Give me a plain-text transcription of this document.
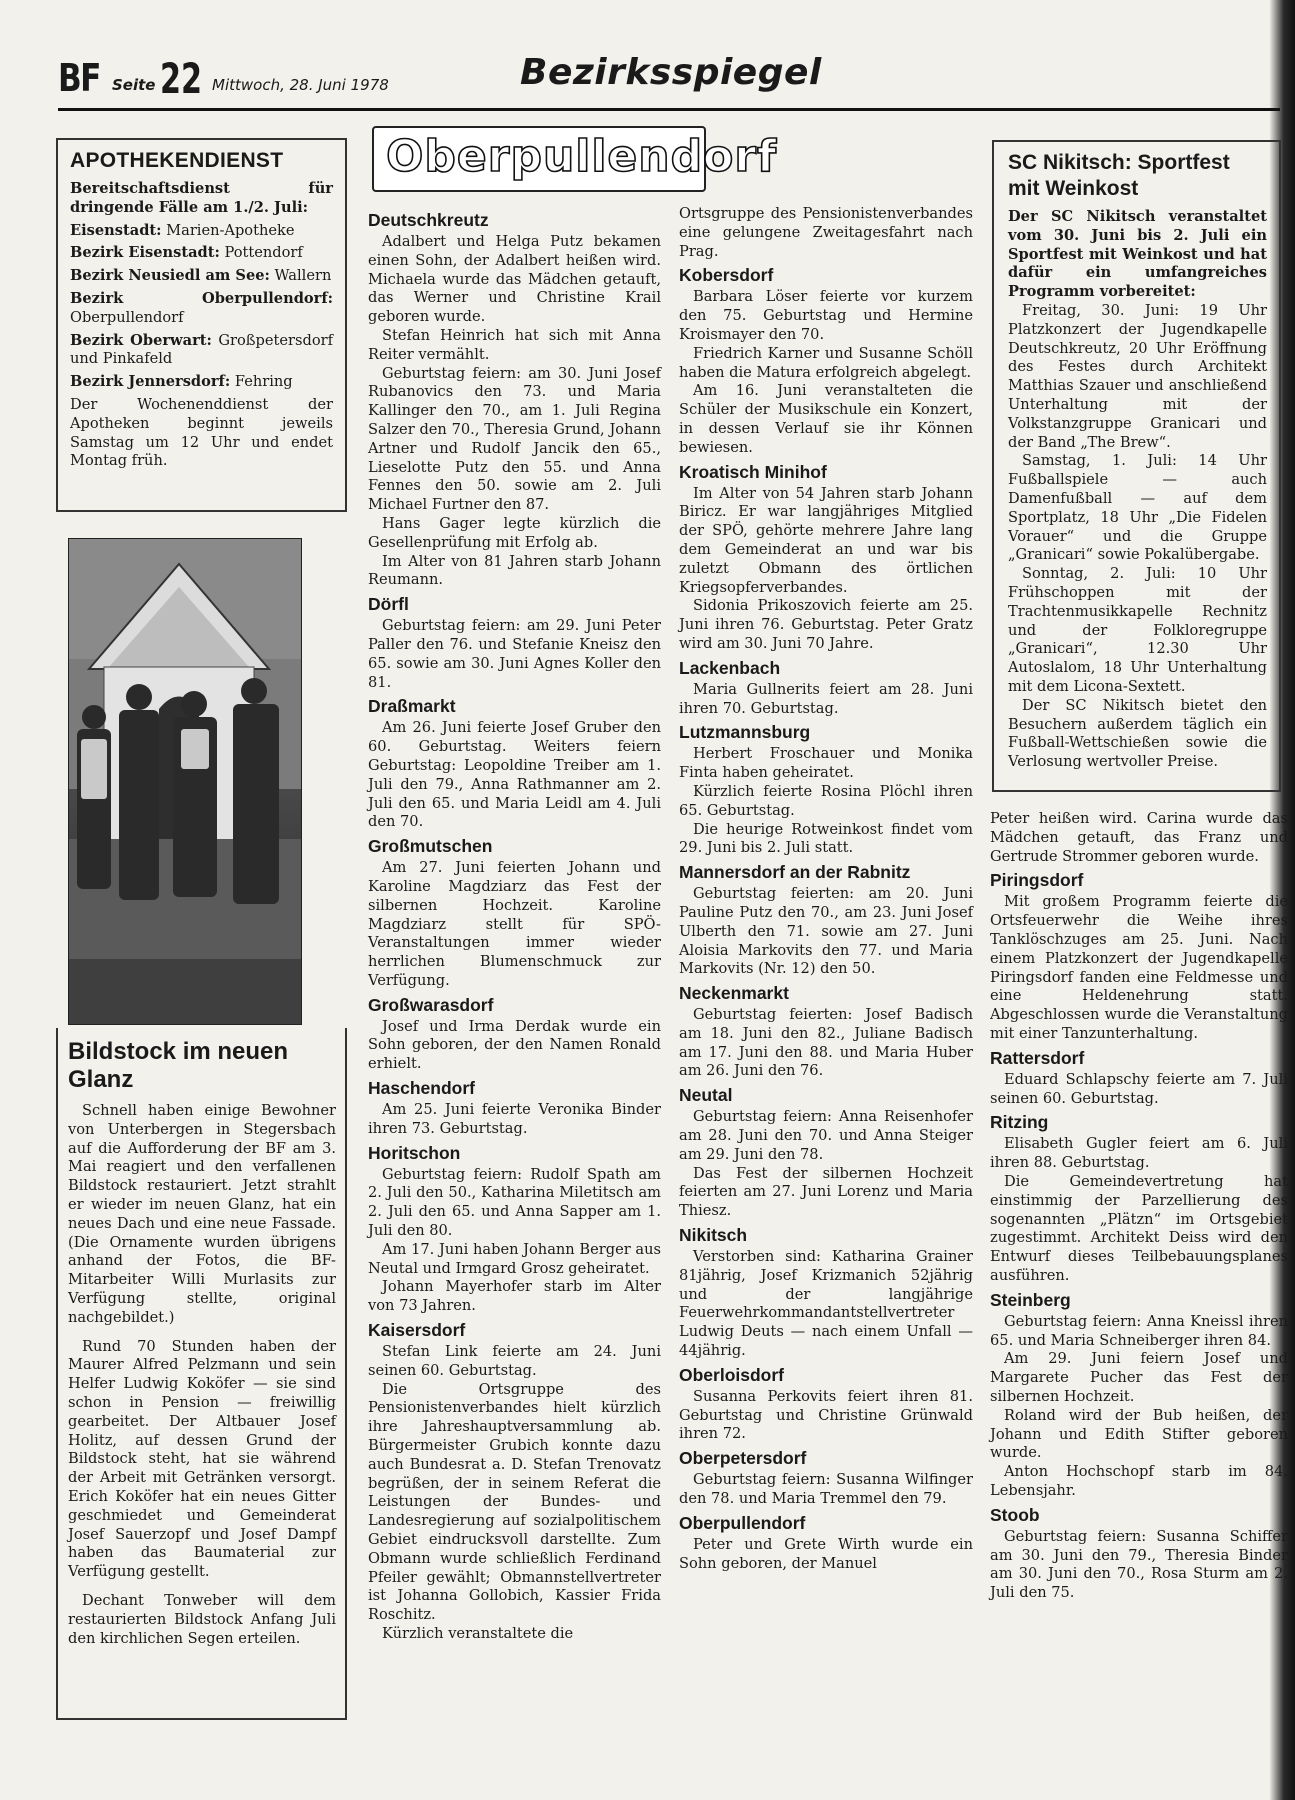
BF Seite 22 Mittwoch, 28. Juni 1978	Bezirksspiegel
APOTHEKENDIENST

Bereitschaftsdienst für dringende Fälle am 1./2. Juli:

Eisenstadt: Marien-Apotheke

Bezirk Eisenstadt: Pottendorf

Bezirk Neusiedl am See: Wallern

Bezirk Oberpullendorf: Oberpullendorf

Bezirk Oberwart: Großpetersdorf und Pinkafeld

Bezirk Jennersdorf: Fehring

Der Wochenenddienst der Apotheken beginnt jeweils Samstag um 12 Uhr und endet Montag früh.

Bildstock im neuen Glanz

Schnell haben einige Bewohner von Unterbergen in Stegersbach auf die Aufforderung der BF am 3. Mai reagiert und den verfallenen Bildstock restauriert. Jetzt strahlt er wieder im neuen Glanz, hat ein neues Dach und eine neue Fassade. (Die Ornamente wurden übrigens anhand der Fotos, die BF-Mitarbeiter Willi Murlasits zur Verfügung stellte, original nachgebildet.)

Rund 70 Stunden haben der Maurer Alfred Pelzmann und sein Helfer Ludwig Koköfer — sie sind schon in Pension — freiwillig gearbeitet. Der Altbauer Josef Holitz, auf dessen Grund der Bildstock steht, hat sie während der Arbeit mit Getränken versorgt. Erich Koköfer hat ein neues Gitter geschmiedet und Gemeinderat Josef Sauerzopf und Josef Dampf haben das Baumaterial zur Verfügung gestellt.

Dechant Tonweber will dem restaurierten Bildstock Anfang Juli den kirchlichen Segen erteilen.

Oberpullendorf
Deutschkreutz

Adalbert und Helga Putz bekamen einen Sohn, der Adalbert heißen wird. Michaela wurde das Mädchen getauft, das Werner und Christine Krail geboren wurde.

Stefan Heinrich hat sich mit Anna Reiter vermählt.

Geburtstag feiern: am 30. Juni Josef Rubanovics den 73. und Maria Kallinger den 70., am 1. Juli Regina Salzer den 70., Theresia Grund, Johann Artner und Rudolf Jancik den 65., Lieselotte Putz den 55. und Anna Fennes den 50. sowie am 2. Juli Michael Furtner den 87.

Hans Gager legte kürzlich die Gesellenprüfung mit Erfolg ab.

Im Alter von 81 Jahren starb Johann Reumann.

Dörfl

Geburtstag feiern: am 29. Juni Peter Paller den 76. und Stefanie Kneisz den 65. sowie am 30. Juni Agnes Koller den 81.

Draßmarkt

Am 26. Juni feierte Josef Gruber den 60. Geburtstag. Weiters feiern Geburtstag: Leopoldine Treiber am 1. Juli den 79., Anna Rathmanner am 2. Juli den 65. und Maria Leidl am 4. Juli den 70.

Großmutschen

Am 27. Juni feierten Johann und Karoline Magdziarz das Fest der silbernen Hochzeit. Karoline Magdziarz stellt für SPÖ-Veranstaltungen immer wieder herrlichen Blumenschmuck zur Verfügung.

Großwarasdorf

Josef und Irma Derdak wurde ein Sohn geboren, der den Namen Ronald erhielt.

Haschendorf

Am 25. Juni feierte Veronika Binder ihren 73. Geburtstag.

Horitschon

Geburtstag feiern: Rudolf Spath am 2. Juli den 50., Katharina Miletitsch am 2. Juli den 65. und Anna Sapper am 1. Juli den 80.

Am 17. Juni haben Johann Berger aus Neutal und Irmgard Grosz geheiratet.

Johann Mayerhofer starb im Alter von 73 Jahren.

Kaisersdorf

Stefan Link feierte am 24. Juni seinen 60. Geburtstag.

Die Ortsgruppe des Pensionistenverbandes hielt kürzlich ihre Jahreshauptversammlung ab. Bürgermeister Grubich konnte dazu auch Bundesrat a. D. Stefan Trenovatz begrüßen, der in seinem Referat die Leistungen der Bundes- und Landesregierung auf sozialpolitischem Gebiet eindrucksvoll darstellte. Zum Obmann wurde schließlich Ferdinand Pfeiler gewählt; Obmannstellvertreter ist Johanna Gollobich, Kassier Frida Roschitz.

Kürzlich veranstaltete die

Ortsgruppe des Pensionistenverbandes eine gelungene Zweitagesfahrt nach Prag.

Kobersdorf

Barbara Löser feierte vor kurzem den 75. Geburtstag und Hermine Kroismayer den 70.

Friedrich Karner und Susanne Schöll haben die Matura erfolgreich abgelegt.

Am 16. Juni veranstalteten die Schüler der Musikschule ein Konzert, in dessen Verlauf sie ihr Können bewiesen.

Kroatisch Minihof

Im Alter von 54 Jahren starb Johann Biricz. Er war langjähriges Mitglied der SPÖ, gehörte mehrere Jahre lang dem Gemeinderat an und war bis zuletzt Obmann des örtlichen Kriegsopferverbandes.

Sidonia Prikoszovich feierte am 25. Juni ihren 76. Geburtstag. Peter Gratz wird am 30. Juni 70 Jahre.

Lackenbach

Maria Gullnerits feiert am 28. Juni ihren 70. Geburtstag.

Lutzmannsburg

Herbert Froschauer und Monika Finta haben geheiratet.

Kürzlich feierte Rosina Plöchl ihren 65. Geburtstag.

Die heurige Rotweinkost findet vom 29. Juni bis 2. Juli statt.

Mannersdorf an der Rabnitz

Geburtstag feierten: am 20. Juni Pauline Putz den 70., am 23. Juni Josef Ulberth den 71. sowie am 27. Juni Aloisia Markovits den 77. und Maria Markovits (Nr. 12) den 50.

Neckenmarkt

Geburtstag feierten: Josef Badisch am 18. Juni den 82., Juliane Badisch am 17. Juni den 88. und Maria Huber am 26. Juni den 76.

Neutal

Geburtstag feiern: Anna Reisenhofer am 28. Juni den 70. und Anna Steiger am 29. Juni den 78.

Das Fest der silbernen Hochzeit feierten am 27. Juni Lorenz und Maria Thiesz.

Nikitsch

Verstorben sind: Katharina Grainer 81jährig, Josef Krizmanich 52jährig und der langjährige Feuerwehrkommandantstellvertreter Ludwig Deuts — nach einem Unfall — 44jährig.

Oberloisdorf

Susanna Perkovits feiert ihren 81. Geburtstag und Christine Grünwald ihren 72.

Oberpetersdorf

Geburtstag feiern: Susanna Wilfinger den 78. und Maria Tremmel den 79.

Oberpullendorf

Peter und Grete Wirth wurde ein Sohn geboren, der Manuel

SC Nikitsch: Sportfest mit Weinkost

Der SC Nikitsch veranstaltet vom 30. Juni bis 2. Juli ein Sportfest mit Weinkost und hat dafür ein umfangreiches Programm vorbereitet:

Freitag, 30. Juni: 19 Uhr Platzkonzert der Jugendkapelle Deutschkreutz, 20 Uhr Eröffnung des Festes durch Architekt Matthias Szauer und anschließend Unterhaltung mit der Volkstanzgruppe Granicari und der Band „The Brew“.

Samstag, 1. Juli: 14 Uhr Fußballspiele — auch Damenfußball — auf dem Sportplatz, 18 Uhr „Die Fidelen Vorauer“ und die Gruppe „Granicari“ sowie Pokalübergabe.

Sonntag, 2. Juli: 10 Uhr Frühschoppen mit der Trachtenmusikkapelle Rechnitz und der Folkloregruppe „Granicari“, 12.30 Uhr Autoslalom, 18 Uhr Unterhaltung mit dem Licona-Sextett.

Der SC Nikitsch bietet den Besuchern außerdem täglich ein Fußball-Wettschießen sowie die Verlosung wertvoller Preise.

Peter heißen wird. Carina wurde das Mädchen getauft, das Franz und Gertrude Strommer geboren wurde.

Piringsdorf

Mit großem Programm feierte die Ortsfeuerwehr die Weihe ihres Tanklöschzuges am 25. Juni. Nach einem Platzkonzert der Jugendkapelle Piringsdorf fanden eine Feldmesse und eine Heldenehrung statt. Abgeschlossen wurde die Veranstaltung mit einer Tanzunterhaltung.

Rattersdorf

Eduard Schlapschy feierte am 7. Juli seinen 60. Geburtstag.

Ritzing

Elisabeth Gugler feiert am 6. Juli ihren 88. Geburtstag.

Die Gemeindevertretung hat einstimmig der Parzellierung des sogenannten „Plätzn“ im Ortsgebiet zugestimmt. Architekt Deiss wird den Entwurf dieses Teilbebauungsplanes ausführen.

Steinberg

Geburtstag feiern: Anna Kneissl ihren 65. und Maria Schneiberger ihren 84.

Am 29. Juni feiern Josef und Margarete Pucher das Fest der silbernen Hochzeit.

Roland wird der Bub heißen, der Johann und Edith Stifter geboren wurde.

Anton Hochschopf starb im 84. Lebensjahr.

Stoob

Geburtstag feiern: Susanna Schiffer am 30. Juni den 79., Theresia Binder am 30. Juni den 70., Rosa Sturm am 2. Juli den 75.
